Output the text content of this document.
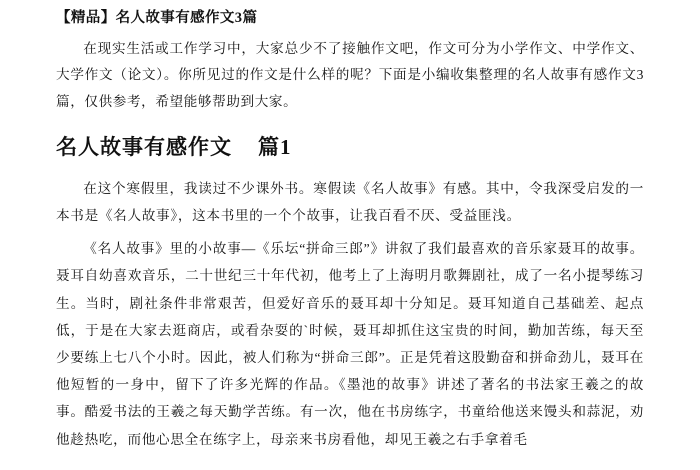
【精品】名人故事有感作文3篇

在现实生活或工作学习中，大家总少不了接触作文吧，作文可分为小学作文、中学作文、大学作文（论文）。你所见过的作文是什么样的呢？下面是小编收集整理的名人故事有感作文3篇，仅供参考，希望能够帮助到大家。

名人故事有感作文 篇1

在这个寒假里，我读过不少课外书。寒假读《名人故事》有感。其中，令我深受启发的一本书是《名人故事》，这本书里的一个个故事，让我百看不厌、受益匪浅。

《名人故事》里的小故事—《乐坛“拼命三郎”》讲叙了我们最喜欢的音乐家聂耳的故事。聂耳自幼喜欢音乐，二十世纪三十年代初，他考上了上海明月歌舞剧社，成了一名小提琴练习生。当时，剧社条件非常艰苦，但爱好音乐的聂耳却十分知足。聂耳知道自己基础差、起点低，于是在大家去逛商店，或看杂耍的`时候，聂耳却抓住这宝贵的时间，勤加苦练，每天至少要练上七八个小时。因此，被人们称为“拼命三郎”。正是凭着这股勤奋和拼命劲儿，聂耳在他短暂的一身中，留下了许多光辉的作品。《墨池的故事》讲述了著名的书法家王羲之的故事。酷爱书法的王羲之每天勤学苦练。有一次，他在书房练字，书童给他送来馒头和蒜泥，劝他趁热吃，而他心思全在练字上，母亲来书房看他，却见王羲之右手拿着毛
